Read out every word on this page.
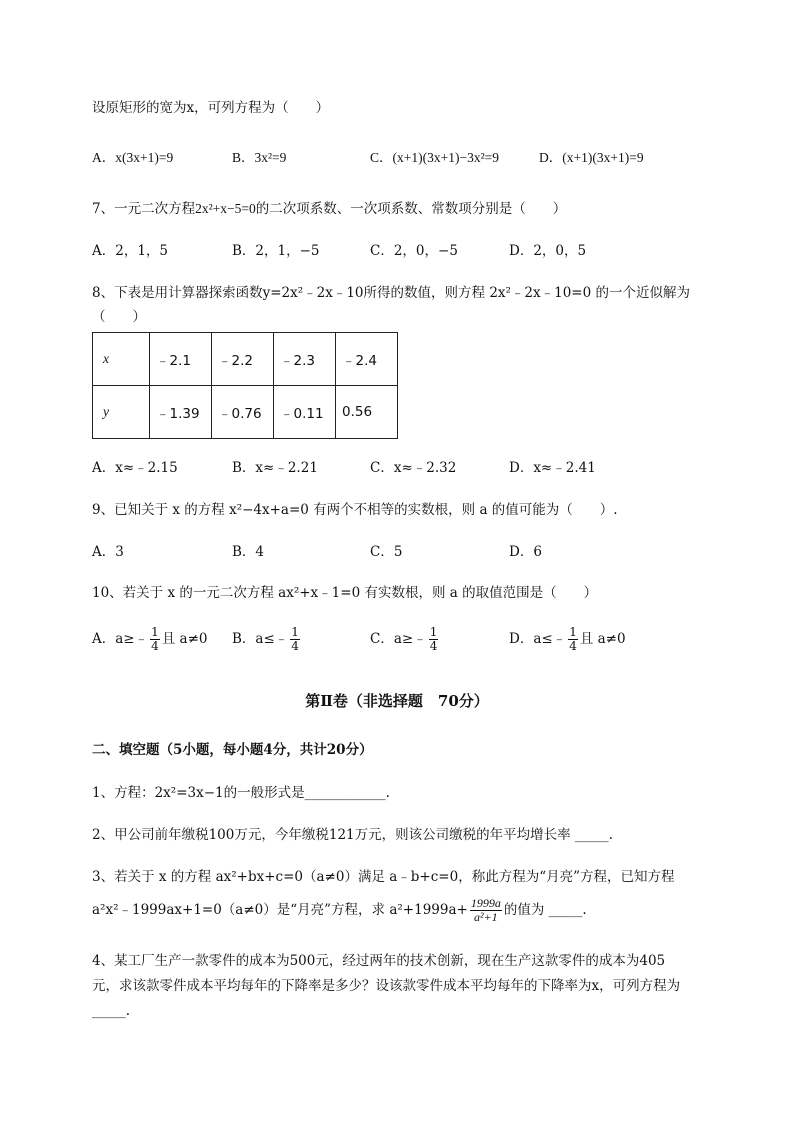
设原矩形的宽为x，可列方程为（　　）
A．x(3x+1)=9	B．3x²=9	C．(x+1)(3x+1)−3x²=9	D．(x+1)(3x+1)=9
7、一元二次方程2x²+x−5=0的二次项系数、一次项系数、常数项分别是（　　）
A．2，1，5	B．2，1，−5	C．2，0，−5	D．2，0，5
8、下表是用计算器探索函数y=2x²﹣2x﹣10所得的数值，则方程 2x²﹣2x﹣10=0 的一个近似解为
（　　）
x	﹣2.1	﹣2.2	﹣2.3	﹣2.4
y	﹣1.39	﹣0.76	﹣0.11	0.56
A．x≈﹣2.15	B．x≈﹣2.21	C．x≈﹣2.32	D．x≈﹣2.41
9、已知关于 x 的方程 x²−4x+a=0 有两个不相等的实数根，则 a 的值可能为（　　）.
A．3	B．4	C．5	D．6
10、若关于 x 的一元二次方程 ax²+x﹣1=0 有实数根，则 a 的取值范围是（　　）
A．a≥﹣ $\frac{1}{4}$ 且 a≠0 B．a≤﹣ $\frac{1}{4}$	C．a≥﹣ $\frac{1}{4}$	D．a≤﹣ $\frac{1}{4}$ 且 a≠0
第Ⅱ卷（非选择题　70分）
二、填空题（5小题，每小题4分，共计20分）
1、方程：2x²=3x−1的一般形式是____________.
2、甲公司前年缴税100万元，今年缴税121万元，则该公司缴税的年平均增长率 _____.
3、若关于 x 的方程 ax²+bx+c=0（a≠0）满足 a﹣b+c=0，称此方程为“月亮”方程，已知方程
a²x²﹣1999ax+1=0（a≠0）是“月亮”方程，求 $a^2+1999a+ \frac{1999a}{\text{a²+1}}$ 的值为 _____.
4、某工厂生产一款零件的成本为500元，经过两年的技术创新，现在生产这款零件的成本为405
元，求该款零件成本平均每年的下降率是多少？设该款零件成本平均每年的下降率为x，可列方程为
_____.
